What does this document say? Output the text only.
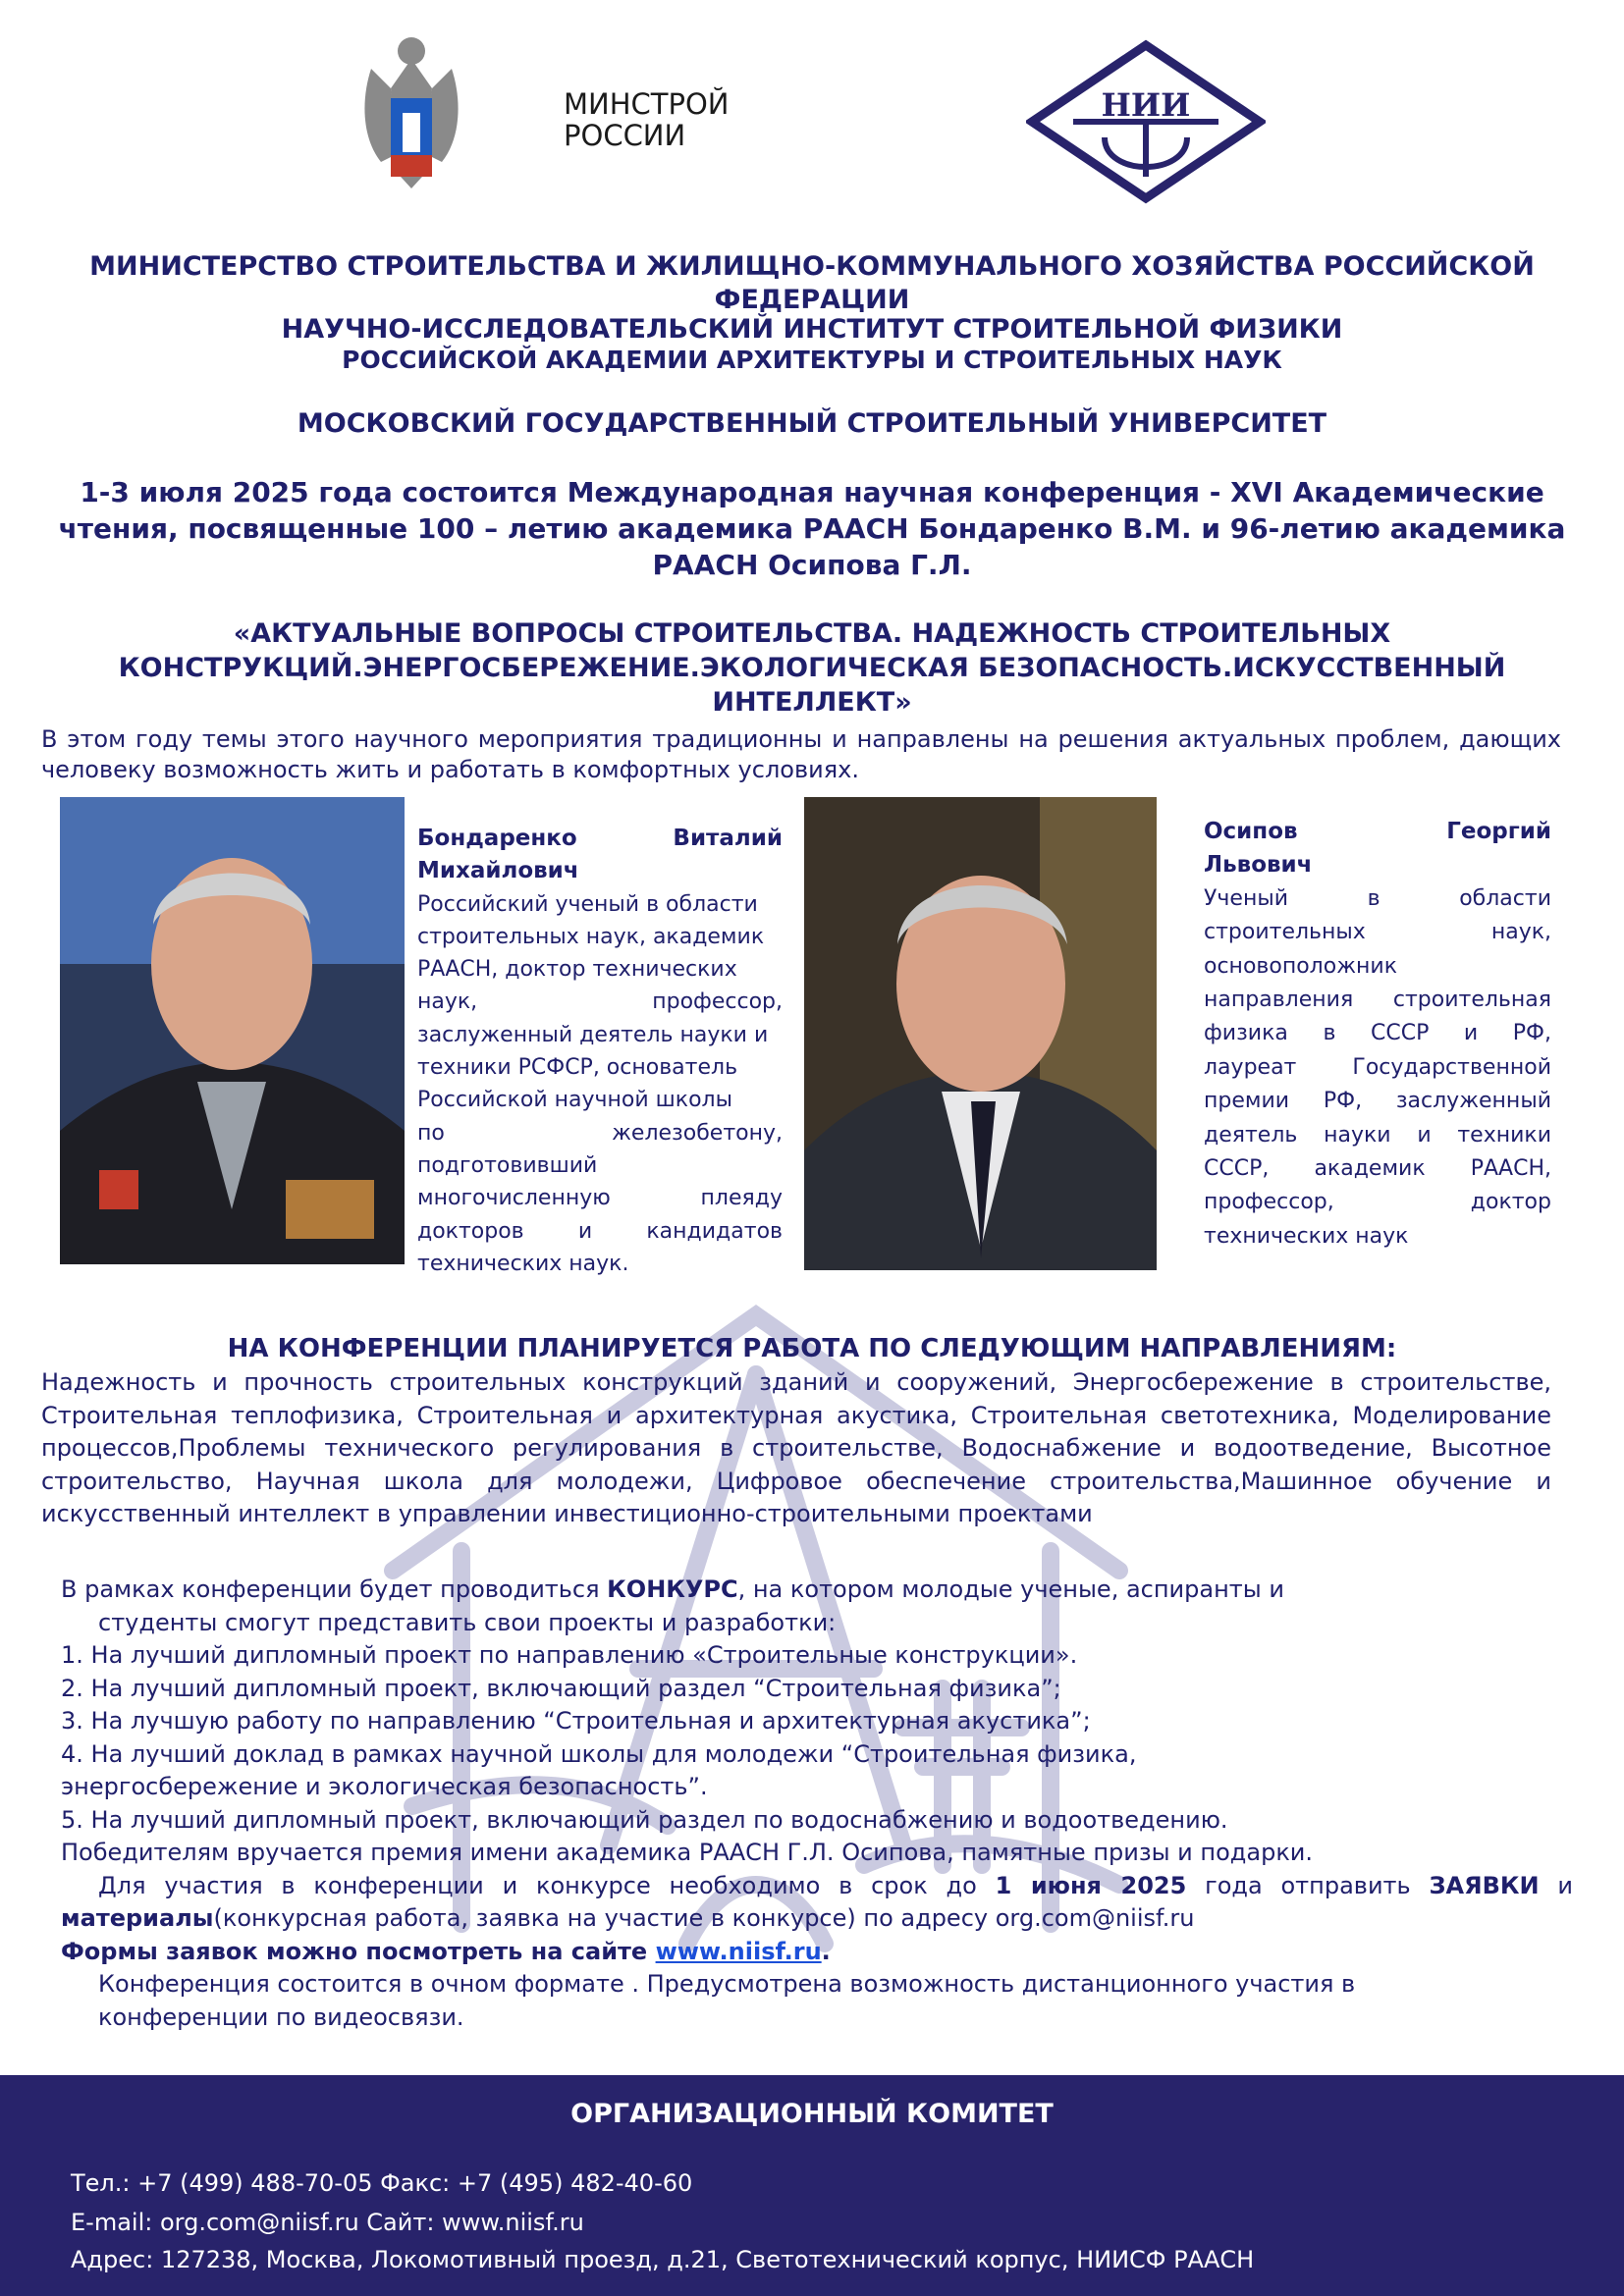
МИНСТРОЙ
РОССИИ
НИИ
МИНИСТЕРСТВО СТРОИТЕЛЬСТВА И ЖИЛИЩНО-КОММУНАЛЬНОГО ХОЗЯЙСТВА РОССИЙСКОЙ ФЕДЕРАЦИИ
НАУЧНО-ИССЛЕДОВАТЕЛЬСКИЙ ИНСТИТУТ СТРОИТЕЛЬНОЙ ФИЗИКИ
РОССИЙСКОЙ АКАДЕМИИ АРХИТЕКТУРЫ И СТРОИТЕЛЬНЫХ НАУК
МОСКОВСКИЙ ГОСУДАРСТВЕННЫЙ СТРОИТЕЛЬНЫЙ УНИВЕРСИТЕТ
1-3 июля 2025 года состоится Международная научная конференция - XVI Академические
чтения, посвященные 100 – летию академика РААСН Бондаренко В.М. и 96-летию академика
РААСН Осипова Г.Л.
«АКТУАЛЬНЫЕ ВОПРОСЫ СТРОИТЕЛЬСТВА. НАДЕЖНОСТЬ СТРОИТЕЛЬНЫХ
КОНСТРУКЦИЙ.ЭНЕРГОСБЕРЕЖЕНИЕ.ЭКОЛОГИЧЕСКАЯ БЕЗОПАСНОСТЬ.ИСКУССТВЕННЫЙ ИНТЕЛЛЕКТ»
В этом году темы этого научного мероприятия традиционны и направлены на решения актуальных проблем, дающих
человеку возможность жить и работать в комфортных условиях.
Бондаренко Виталий
Михайлович
Российский ученый в области
строительных наук, академик
РААСН, доктор технических
наук, профессор,
заслуженный деятель науки и
техники РСФСР, основатель
Российской научной школы
по железобетону,
подготовивший
многочисленную плеяду
докторов и кандидатов
технических наук.
Осипов Георгий
Львович
Ученый в области
строительных наук,
основоположник
направления строительная
физика в СССР и РФ,
лауреат Государственной
премии РФ, заслуженный
деятель науки и техники
СССР, академик РААСН,
профессор, доктор
технических наук
НА КОНФЕРЕНЦИИ ПЛАНИРУЕТСЯ РАБОТА ПО СЛЕДУЮЩИМ НАПРАВЛЕНИЯМ:
Надежность и прочность строительных конструкций зданий и сооружений, Энергосбережение в строительстве,
Строительная теплофизика, Строительная и архитектурная акустика, Строительная светотехника, Моделирование
процессов,Проблемы технического регулирования в строительстве, Водоснабжение и водоотведение, Высотное
строительство, Научная школа для молодежи, Цифровое обеспечение строительства,Машинное обучение и
искусственный интеллект в управлении инвестиционно-строительными проектами
В рамках конференции будет проводиться КОНКУРС, на котором молодые ученые, аспиранты и
студенты смогут представить свои проекты и разработки:
1. На лучший дипломный проект по направлению «Строительные конструкции».
2. На лучший дипломный проект, включающий раздел “Строительная физика”;
3. На лучшую работу по направлению “Строительная и архитектурная акустика”;
4. На лучший доклад в рамках научной школы для молодежи “Строительная физика,
энергосбережение и экологическая безопасность”.
5. На лучший дипломный проект, включающий раздел по водоснабжению и водоотведению.
Победителям вручается премия имени академика РААСН Г.Л. Осипова, памятные призы и подарки.
Для участия в конференции и конкурсе необходимо в срок до 1 июня 2025 года отправить ЗАЯВКИ и
материалы(конкурсная работа, заявка на участие в конкурсе) по адресу org.com@niisf.ru
Формы заявок можно посмотреть на сайте www.niisf.ru.
Конференция состоится в очном формате . Предусмотрена возможность дистанционного участия в
конференции по видеосвязи.
ОРГАНИЗАЦИОННЫЙ КОМИТЕТ
Тел.: +7 (499) 488-70-05 Факс: +7 (495) 482-40-60
E-mail: org.com@niisf.ru Сайт: www.niisf.ru
Адрес: 127238, Москва, Локомотивный проезд, д.21, Светотехнический корпус, НИИСФ РААСН
